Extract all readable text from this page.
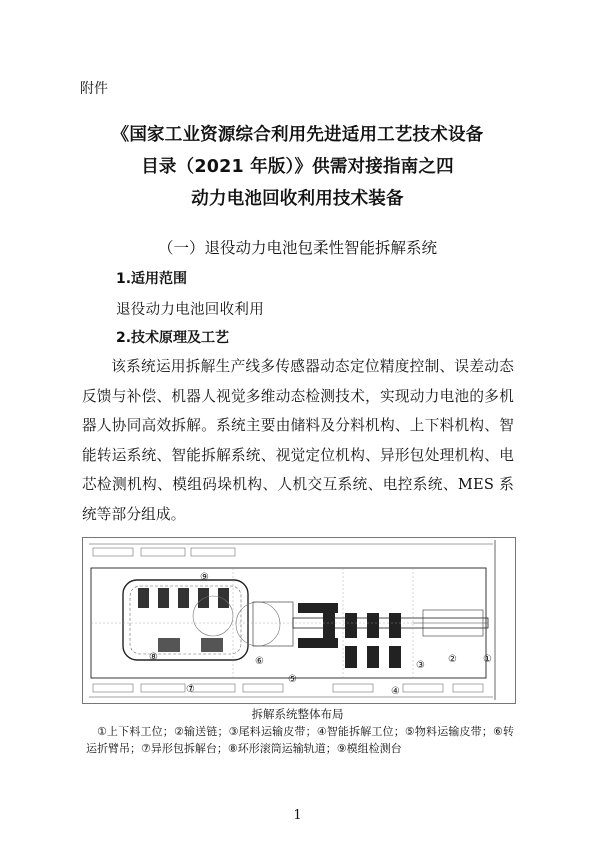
附件
《国家工业资源综合利用先进适用工艺技术设备
目录（2021 年版）》供需对接指南之四
动力电池回收利用技术装备
（一）退役动力电池包柔性智能拆解系统
1.适用范围
退役动力电池回收利用
2.技术原理及工艺
该系统运用拆解生产线多传感器动态定位精度控制、误差动态反馈与补偿、机器人视觉多维动态检测技术，实现动力电池的多机器人协同高效拆解。系统主要由储料及分料机构、上下料机构、智能转运系统、智能拆解系统、视觉定位机构、异形包处理机构、电芯检测机构、模组码垛机构、人机交互系统、电控系统、MES 系统等部分组成。
①
②
③
④
⑤
⑥
⑦
⑧
⑨
拆解系统整体布局
①上下料工位；②输送链；③尾料运输皮带；④智能拆解工位；⑤物料运输皮带；⑥转运折臂吊；⑦异形包拆解台；⑧环形滚筒运输轨道；⑨模组检测台
1
